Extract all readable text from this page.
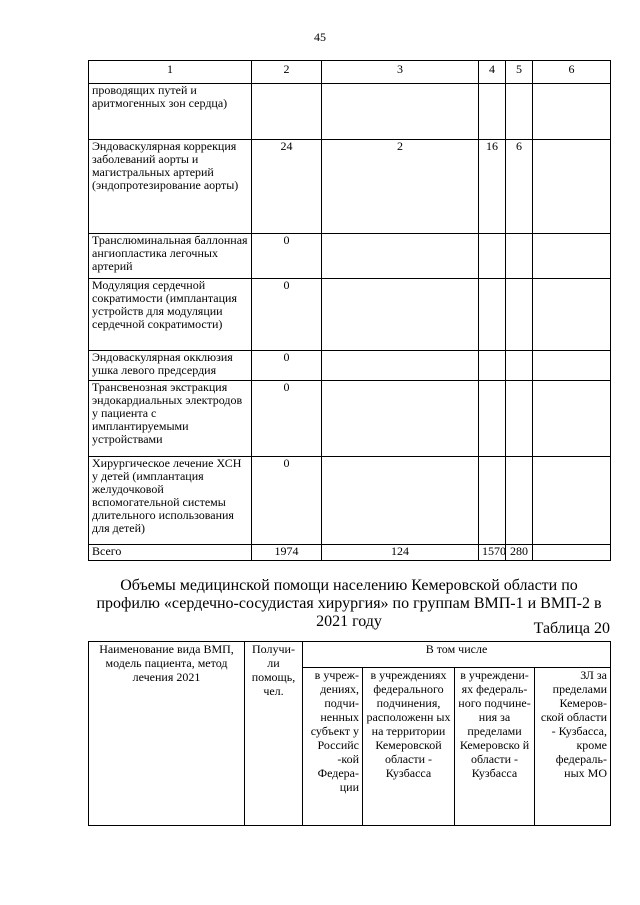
45
1	2	3	4	5	6
проводящих путей и аритмогенных зон сердца)					
Эндоваскулярная коррекция заболеваний аорты и магистральных артерий (эндопротезирование аорты)	24	2	16	6	
Транслюминальная баллонная ангиопластика легочных артерий	0				
Модуляция сердечной сократимости (имплантация устройств для модуляции сердечной сократимости)	0				
Эндоваскулярная окклюзия ушка левого предсердия	0				
Трансвенозная экстракция эндокардиальных электродов у пациента с имплантируемыми устройствами	0				
Хирургическое лечение ХСН у детей (имплантация желудочковой вспомогательной системы длительного использования для детей)	0				
Всего	1974	124	1570	280	
Объемы медицинской помощи населению Кемеровской области по профилю «сердечно-сосудистая хирургия» по группам ВМП-1 и ВМП-2 в 2021 году	Таблица 20
Наименование вида ВМП, модель пациента, метод лечения 2021	Получи-ли помощь, чел.	В том числе			
		в учреж-дениях, подчи-ненных субъект у Российс -кой Федера-ции	в учреждениях федерального подчинения, расположенн ых на территории Кемеровской области - Кузбасса	в учреждени-ях федераль-ного подчине-ния за пределами Кемеровско й области - Кузбасса	ЗЛ за пределами Кемеров-ской области - Кузбасса, кроме федераль-ных МО
